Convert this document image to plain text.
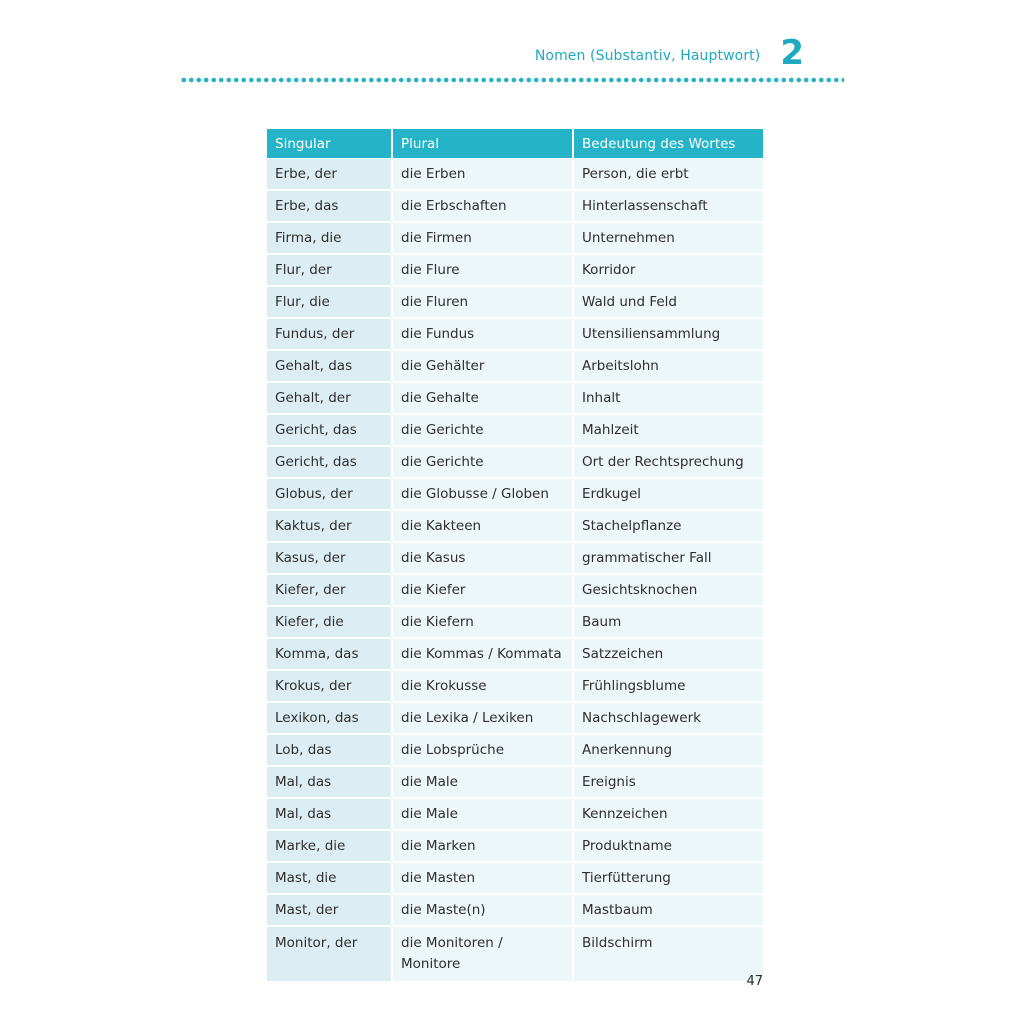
Nomen (Substantiv, Hauptwort) 2
Singular	Plural	Bedeutung des Wortes
Erbe, der	die Erben	Person, die erbt
Erbe, das	die Erbschaften	Hinterlassenschaft
Firma, die	die Firmen	Unternehmen
Flur, der	die Flure	Korridor
Flur, die	die Fluren	Wald und Feld
Fundus, der	die Fundus	Utensiliensammlung
Gehalt, das	die Gehälter	Arbeitslohn
Gehalt, der	die Gehalte	Inhalt
Gericht, das	die Gerichte	Mahlzeit
Gericht, das	die Gerichte	Ort der Rechtsprechung
Globus, der	die Globusse / Globen	Erdkugel
Kaktus, der	die Kakteen	Stachelpflanze
Kasus, der	die Kasus	grammatischer Fall
Kiefer, der	die Kiefer	Gesichtsknochen
Kiefer, die	die Kiefern	Baum
Komma, das	die Kommas / Kommata	Satzzeichen
Krokus, der	die Krokusse	Frühlingsblume
Lexikon, das	die Lexika / Lexiken	Nachschlagewerk
Lob, das	die Lobsprüche	Anerkennung
Mal, das	die Male	Ereignis
Mal, das	die Male	Kennzeichen
Marke, die	die Marken	Produktname
Mast, die	die Masten	Tierfütterung
Mast, der	die Maste(n)	Mastbaum
Monitor, der	die Monitoren / Monitore	Bildschirm
47
